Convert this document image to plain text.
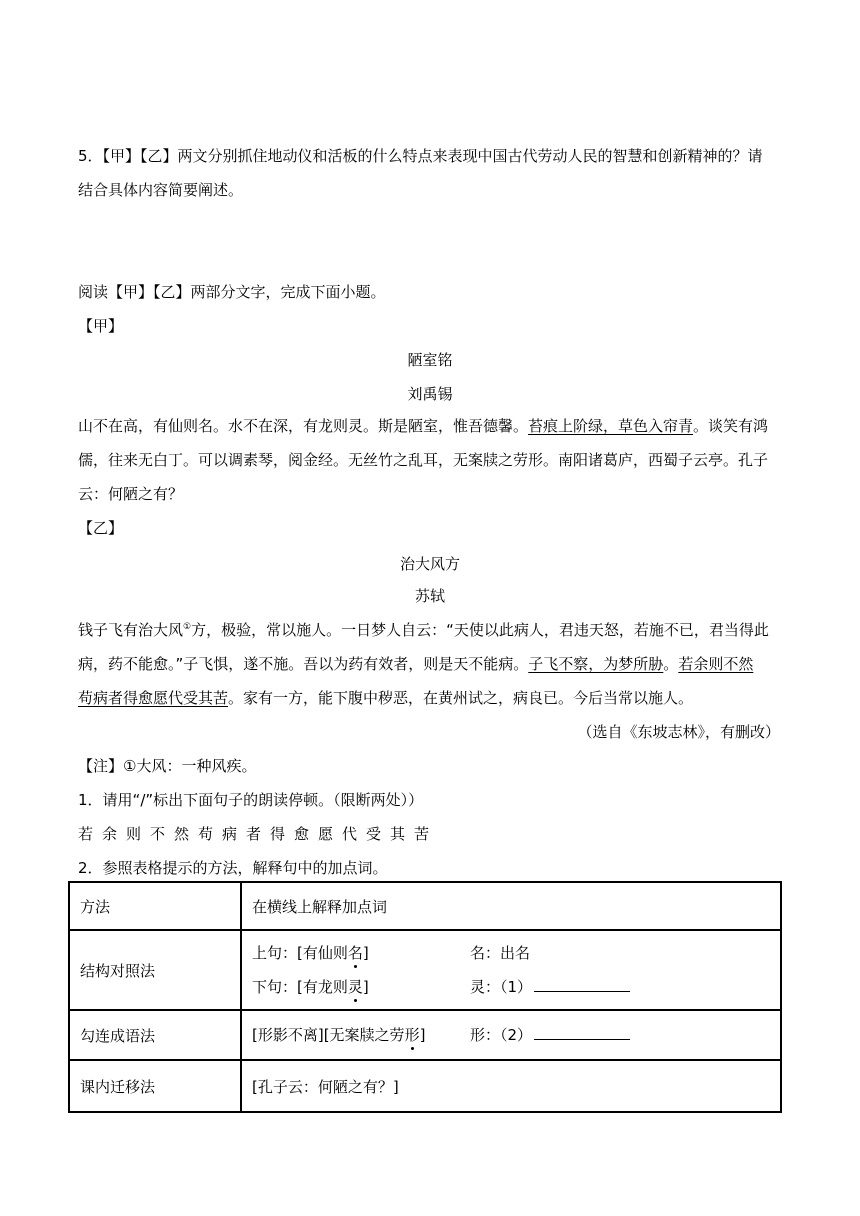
5．【甲】【乙】两文分别抓住地动仪和活板的什么特点来表现中国古代劳动人民的智慧和创新精神的？请
结合具体内容简要阐述。
阅读【甲】【乙】两部分文字，完成下面小题。
【甲】
陋室铭
刘禹锡
山不在高，有仙则名。水不在深，有龙则灵。斯是陋室，惟吾德馨。苔痕上阶绿，草色入帘青。谈笑有鸿
儒，往来无白丁。可以调素琴，阅金经。无丝竹之乱耳，无案牍之劳形。南阳诸葛庐，西蜀子云亭。孔子
云：何陋之有？
【乙】
治大风方
苏轼
钱子飞有治大风①方，极验，常以施人。一日梦人自云：“天使以此病人，君违天怒，若施不已，君当得此
病，药不能愈。”子飞惧，遂不施。吾以为药有效者，则是天不能病。子飞不察，为梦所胁。若余则不然
苟病者得愈愿代受其苦。家有一方，能下腹中秽恶，在黄州试之，病良已。今后当常以施人。
（选自《东坡志林》，有删改）
【注】①大风：一种风疾。
1．请用“/”标出下面句子的朗读停顿。（限断两处））
若余则不然苟病者得愈愿代受其苦
2．参照表格提示的方法，解释句中的加点词。
方法	在横线上解释加点词
结构对照法	上句：[有仙则名] 名：出名
下句：[有龙则灵] 灵：（1）

勾连成语法	[形影不离][无案牍之劳形] 形：（2）

课内迁移法	[孔子云：何陋之有？]
